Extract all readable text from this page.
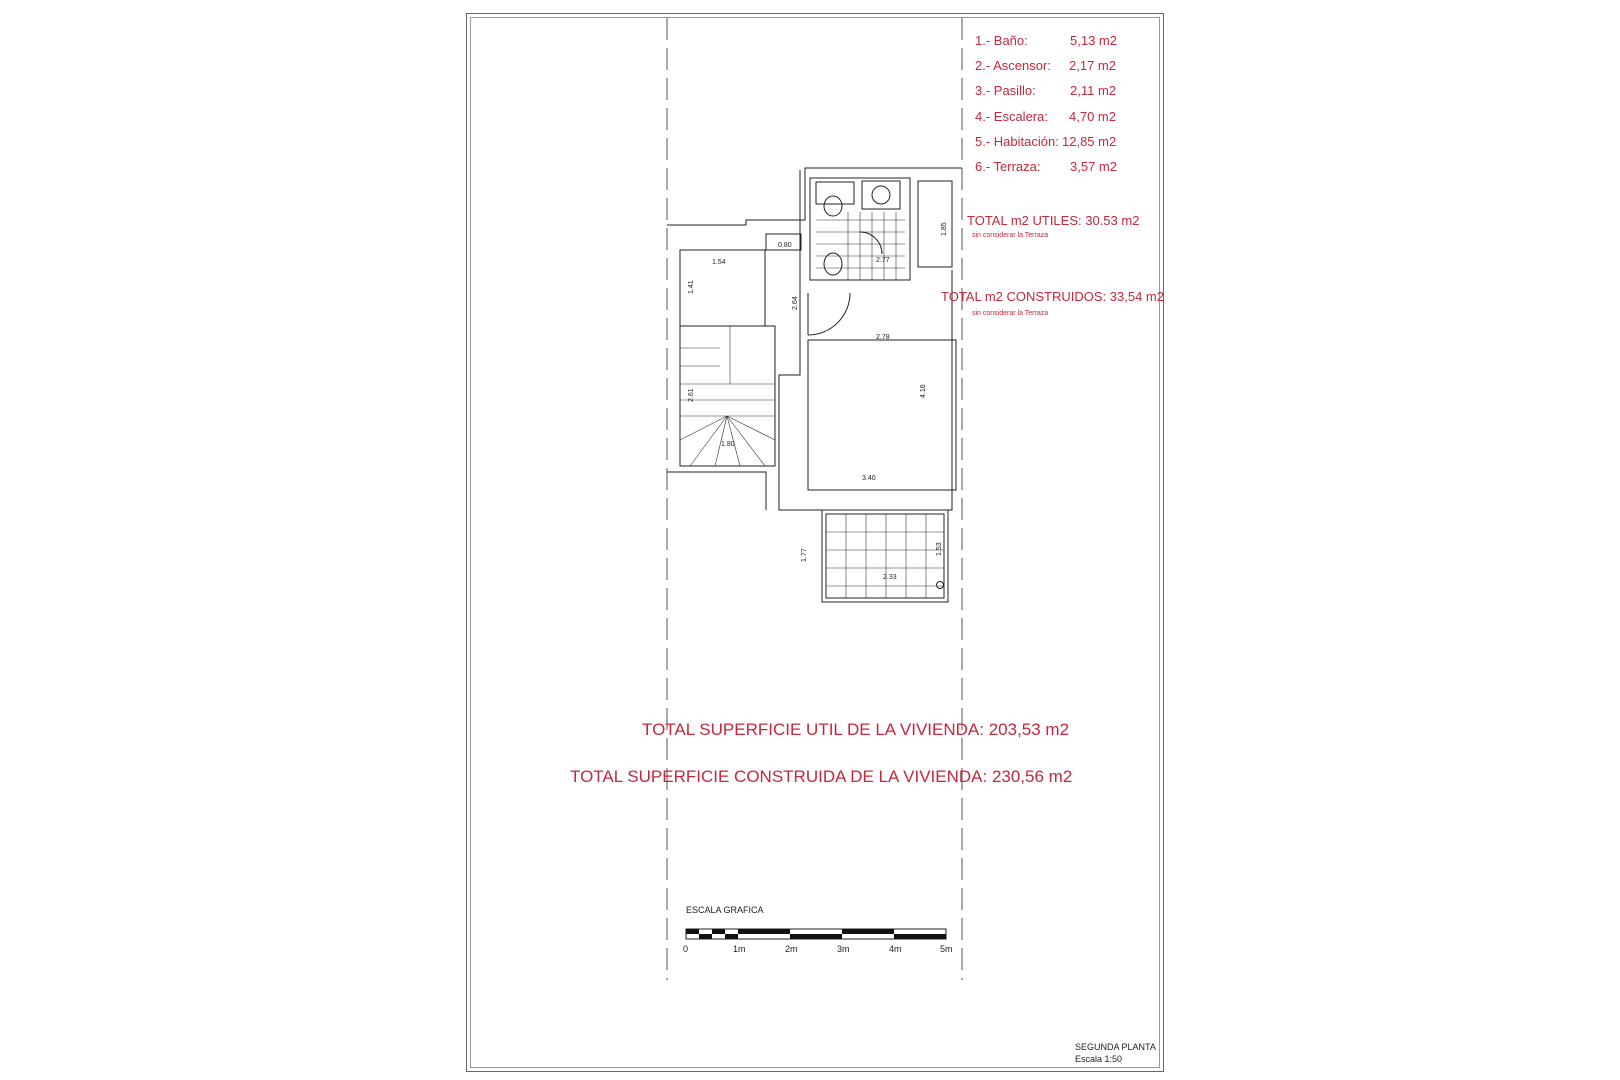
0.80
2.77
1.85
1.54
1.41
2.64
2.78
2.61	4.16
1.80
3.40
1.77	1.53
2.33
ESCALA GRAFICA
0	1m	2m	3m	4m	5m
1.- Baño:	5,13 m2
2.- Ascensor: 2,17 m2
3.- Pasillo:	2,11 m2
4.- Escalera: 4,70 m2
5.- Habitación: 12,85 m2
6.- Terraza: 3,57 m2
TOTAL m2 UTILES: 30.53 m2
sin considerar la Terraza
TOTAL m2 CONSTRUIDOS: 33,54 m2
sin considerar la Terraza
TOTAL SUPERFICIE UTIL DE LA VIVIENDA: 203,53 m2
TOTAL SUPERFICIE CONSTRUIDA DE LA VIVIENDA: 230,56 m2
SEGUNDA PLANTA
Escala 1:50
